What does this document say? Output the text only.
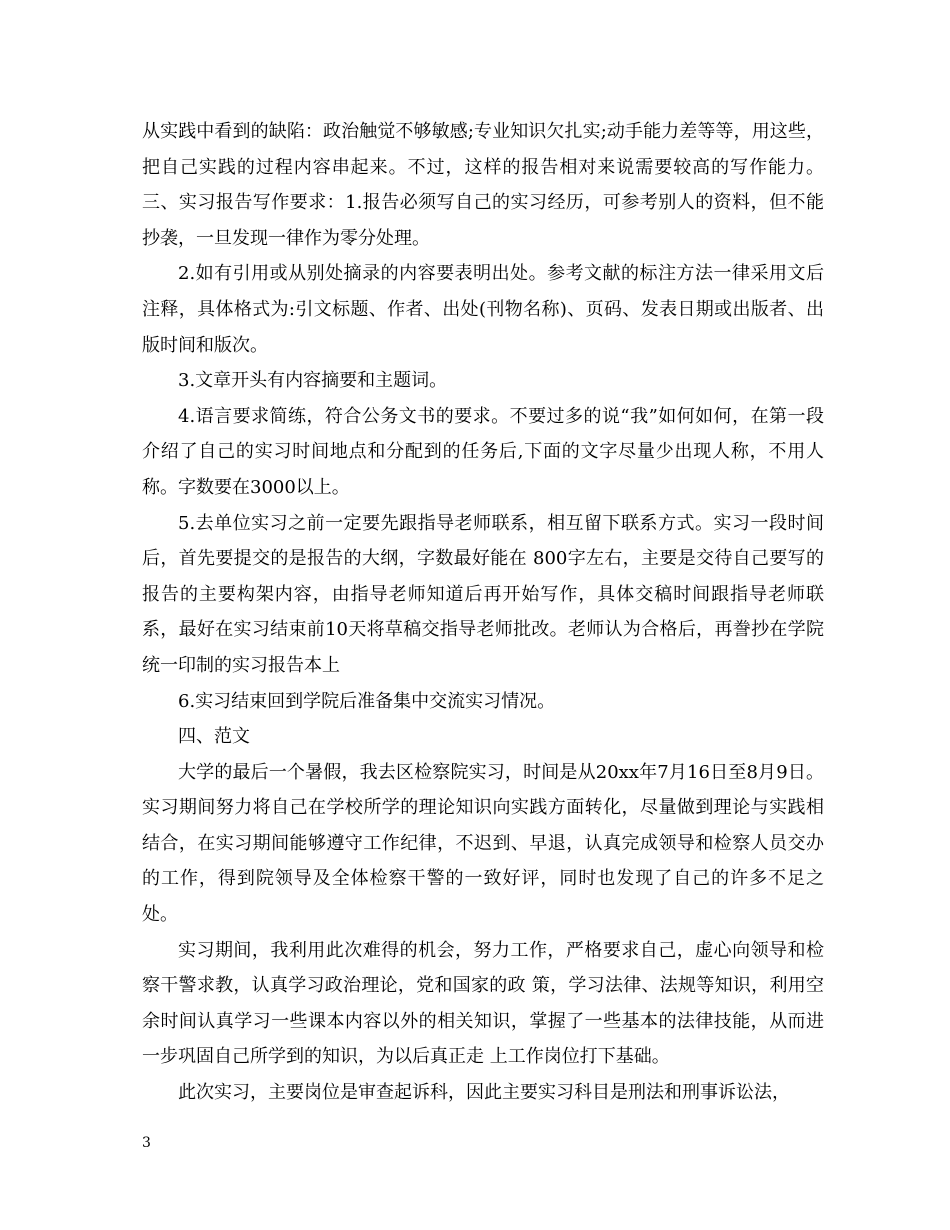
从实践中看到的缺陷：政治触觉不够敏感;专业知识欠扎实;动手能力差等等，用这些，把自己实践的过程内容串起来。不过，这样的报告相对来说需要较高的写作能力。三、实习报告写作要求：1.报告必须写自己的实习经历，可参考别人的资料，但不能抄袭，一旦发现一律作为零分处理。

2.如有引用或从别处摘录的内容要表明出处。参考文献的标注方法一律采用文后注释，具体格式为:引文标题、作者、出处(刊物名称)、页码、发表日期或出版者、出版时间和版次。

3.文章开头有内容摘要和主题词。

4.语言要求简练，符合公务文书的要求。不要过多的说“我”如何如何，在第一段介绍了自己的实习时间地点和分配到的任务后,下面的文字尽量少出现人称，不用人称。字数要在3000以上。

5.去单位实习之前一定要先跟指导老师联系，相互留下联系方式。实习一段时间后，首先要提交的是报告的大纲，字数最好能在 800字左右，主要是交待自己要写的报告的主要构架内容，由指导老师知道后再开始写作，具体交稿时间跟指导老师联系，最好在实习结束前10天将草稿交指导老师批改。老师认为合格后，再誊抄在学院统一印制的实习报告本上

6.实习结束回到学院后准备集中交流实习情况。

四、范文

大学的最后一个暑假，我去区检察院实习，时间是从20xx年7月16日至8月9日。实习期间努力将自己在学校所学的理论知识向实践方面转化，尽量做到理论与实践相结合，在实习期间能够遵守工作纪律，不迟到、早退，认真完成领导和检察人员交办的工作，得到院领导及全体检察干警的一致好评，同时也发现了自己的许多不足之处。

实习期间，我利用此次难得的机会，努力工作，严格要求自己，虚心向领导和检察干警求教，认真学习政治理论，党和国家的政 策，学习法律、法规等知识，利用空余时间认真学习一些课本内容以外的相关知识，掌握了一些基本的法律技能，从而进一步巩固自己所学到的知识，为以后真正走 上工作岗位打下基础。

此次实习，主要岗位是审查起诉科，因此主要实习科目是刑法和刑事诉讼法，

3
